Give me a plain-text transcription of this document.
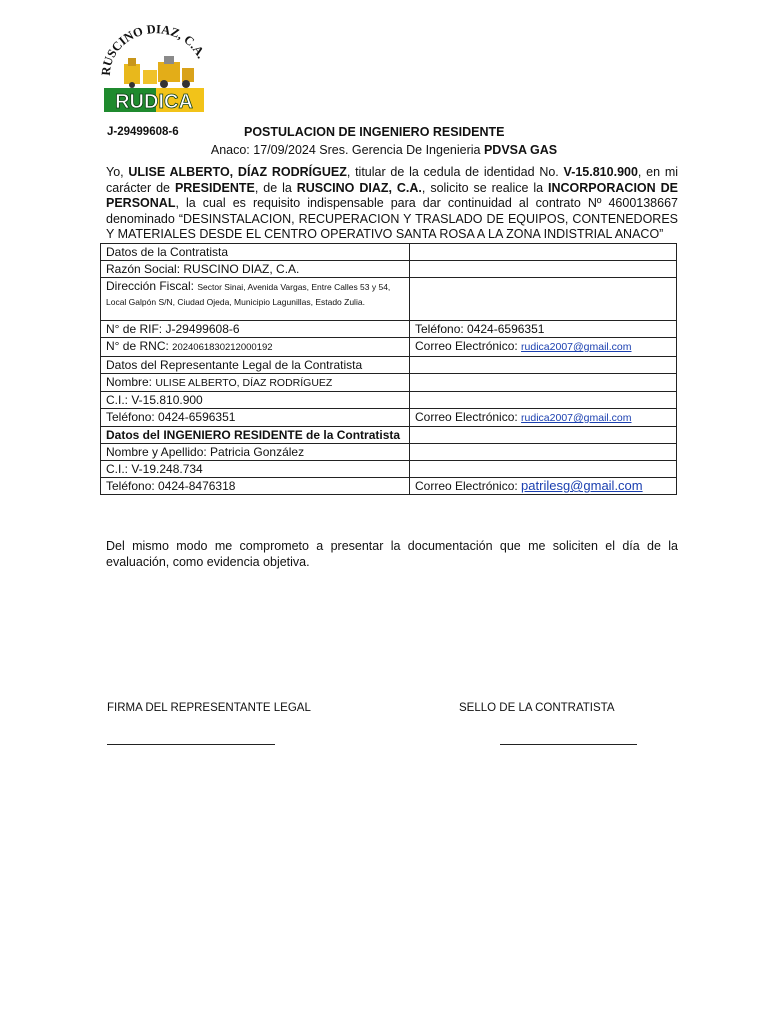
RUSCINO DIAZ, C.A.
RUDICA
J-29499608-6	POSTULACION DE INGENIERO RESIDENTE
Anaco: 17/09/2024 Sres. Gerencia De Ingenieria PDVSA GAS
Yo, ULISE ALBERTO, DÍAZ RODRÍGUEZ, titular de la cedula de identidad No. V-15.810.900, en mi carácter de PRESIDENTE, de la RUSCINO DIAZ, C.A., solicito se realice la INCORPORACION DE PERSONAL, la cual es requisito indispensable para dar continuidad al contrato Nº 4600138667 denominado “DESINSTALACION, RECUPERACION Y TRASLADO DE EQUIPOS, CONTENEDORES Y MATERIALES DESDE EL CENTRO OPERATIVO SANTA ROSA A LA ZONA INDISTRIAL ANACO”
Datos de la Contratista	
Razón Social: RUSCINO DIAZ, C.A.	
Dirección Fiscal: Sector Sinai, Avenida Vargas, Entre Calles 53 y 54, Local Galpón S/N, Ciudad Ojeda, Municipio Lagunillas, Estado Zulia.	
N° de RIF: J-29499608-6	Teléfono: 0424-6596351
N° de RNC: 2024061830212000192	Correo Electrónico: rudica2007@gmail.com
Datos del Representante Legal de la Contratista	
Nombre: ULISE ALBERTO, DÍAZ RODRÍGUEZ	
C.I.: V-15.810.900	
Teléfono: 0424-6596351	Correo Electrónico: rudica2007@gmail.com
Datos del INGENIERO RESIDENTE de la Contratista	
Nombre y Apellido: Patricia González	
C.I.: V-19.248.734	
Teléfono: 0424-8476318	Correo Electrónico: patrilesg@gmail.com
Del mismo modo me comprometo a presentar la documentación que me soliciten el día de la evaluación, como evidencia objetiva.
FIRMA DEL REPRESENTANTE LEGAL	SELLO DE LA CONTRATISTA
